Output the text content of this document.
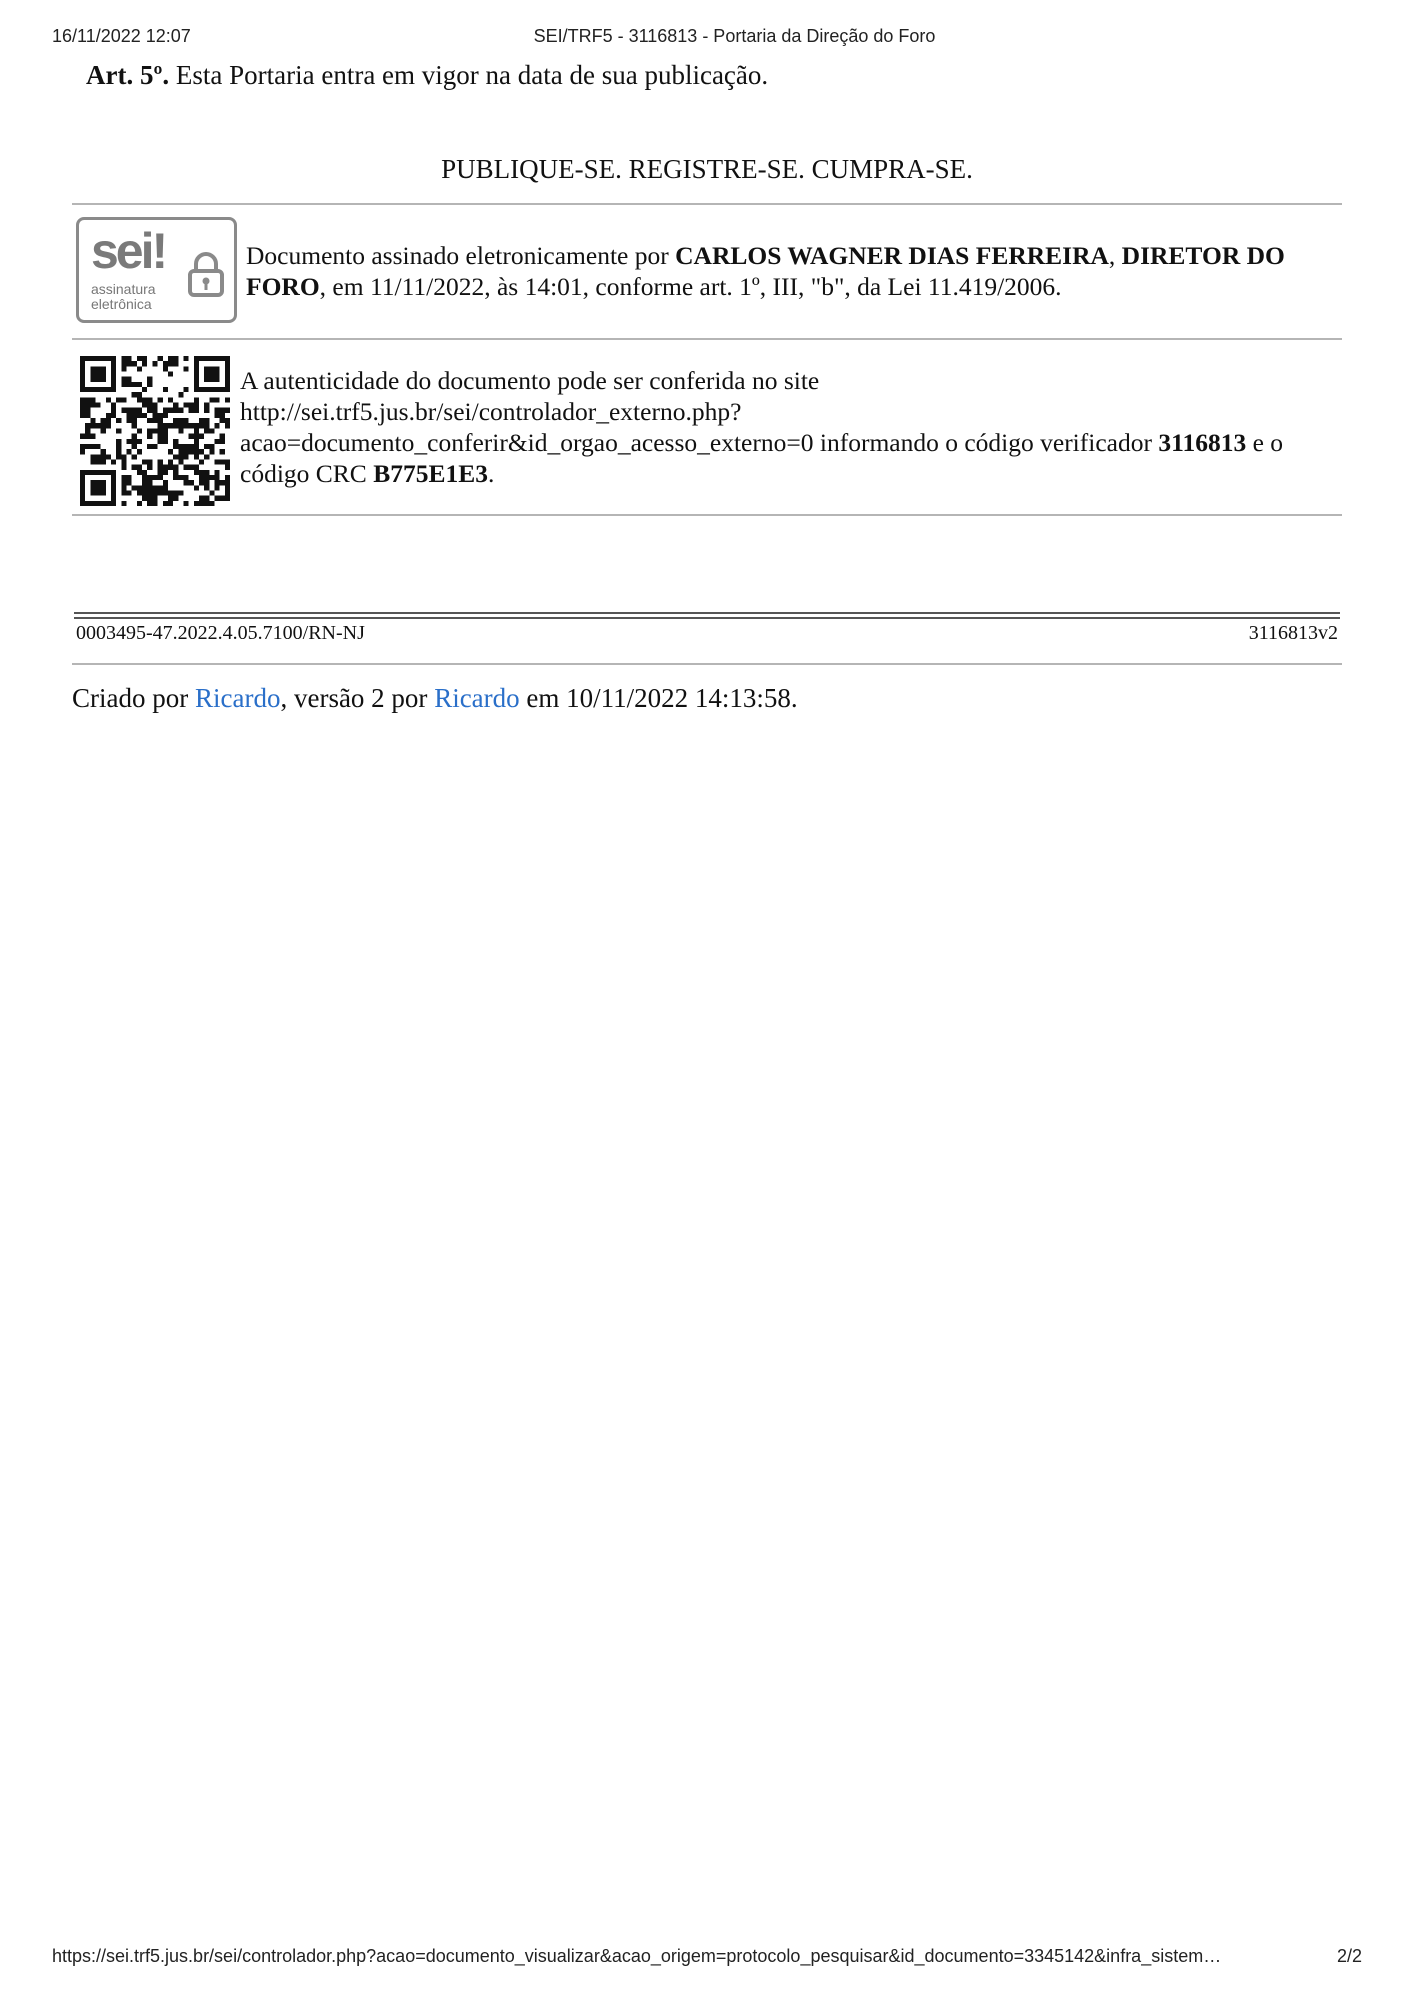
16/11/2022 12:07	SEI/TRF5 - 3116813 - Portaria da Direção do Foro
Art. 5º. Esta Portaria entra em vigor na data de sua publicação.
PUBLIQUE-SE. REGISTRE-SE. CUMPRA-SE.
sei!
assinatura
eletrônica
Documento assinado eletronicamente por CARLOS WAGNER DIAS FERREIRA, DIRETOR DO FORO, em 11/11/2022, às 14:01, conforme art. 1º, III, "b", da Lei 11.419/2006.
A autenticidade do documento pode ser conferida no site
http://sei.trf5.jus.br/sei/controlador_externo.php?
acao=documento_conferir&id_orgao_acesso_externo=0 informando o código verificador 3116813 e o
código CRC B775E1E3.
0003495-47.2022.4.05.7100/RN-NJ	3116813v2
Criado por Ricardo, versão 2 por Ricardo em 10/11/2022 14:13:58.
https://sei.trf5.jus.br/sei/controlador.php?acao=documento_visualizar&acao_origem=protocolo_pesquisar&id_documento=3345142&infra_sistem…	2/2
